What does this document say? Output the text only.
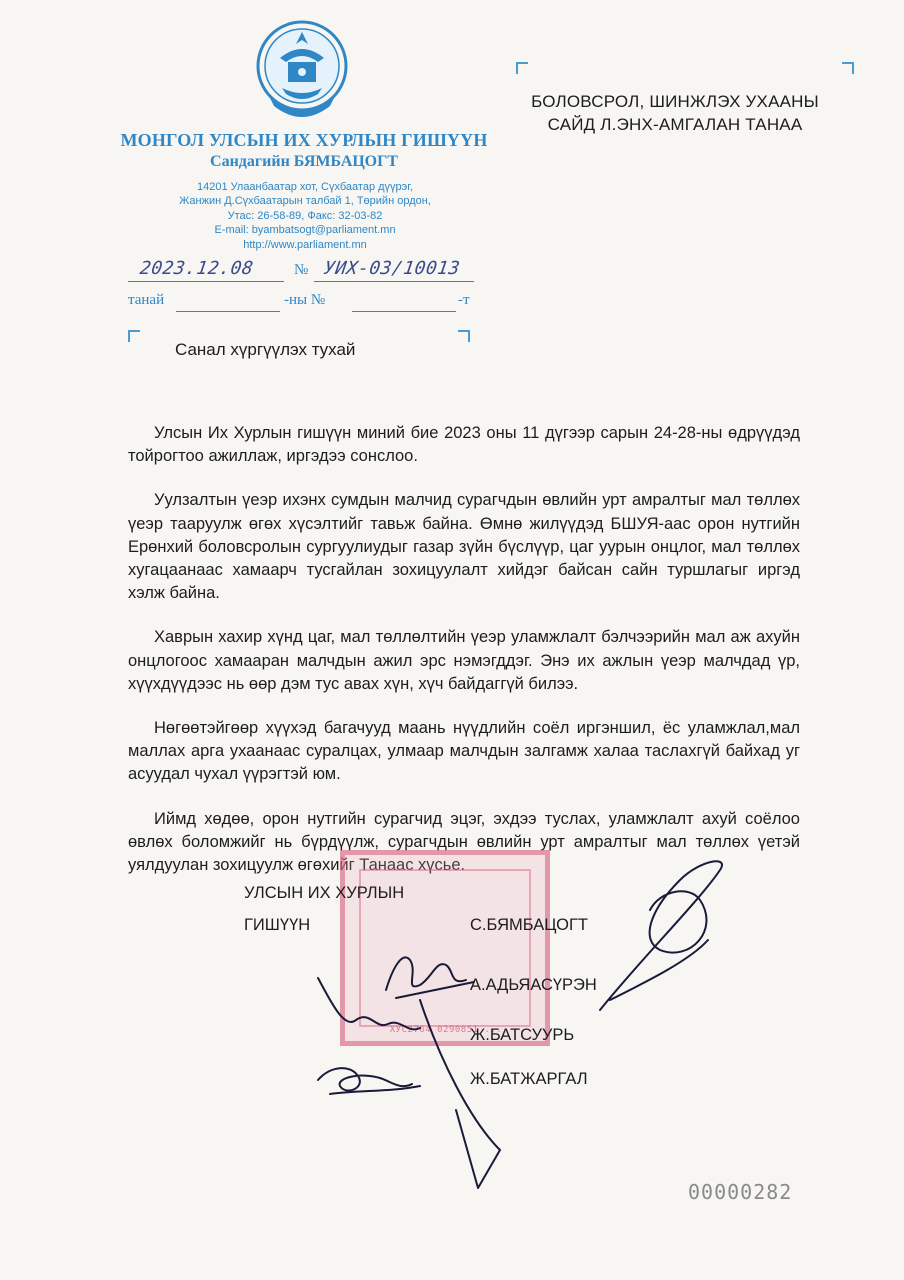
МОНГОЛ УЛСЫН ИХ ХУРЛЫН ГИШҮҮН
Сандагийн БЯМБАЦОГТ
14201 Улаанбаатар хот, Сүхбаатар дүүрэг,
Жанжин Д.Сүхбаатарын талбай 1, Төрийн ордон,
Утас: 26-58-89, Факс: 32-03-82
E-mail: byambatsogt@parliament.mn
http://www.parliament.mn
2023.12.08	№ УИХ-03/10013
танай	-ны №	-т
БОЛОВСРОЛ, ШИНЖЛЭХ УХААНЫ
САЙД Л.ЭНХ-АМГАЛАН ТАНАА
Санал хүргүүлэх тухай

Улсын Их Хурлын гишүүн миний бие 2023 оны 11 дүгээр сарын 24-28-ны өдрүүдэд тойрогтоо ажиллаж, иргэдээ сонслоо.

Уулзалтын үеэр ихэнх сумдын малчид сурагчдын өвлийн урт амралтыг мал төллөх үеэр тааруулж өгөх хүсэлтийг тавьж байна. Өмнө жилүүдэд БШУЯ-аас орон нутгийн Ерөнхий боловсролын сургуулиудыг газар зүйн бүслүүр, цаг уурын онцлог, мал төллөх хугацаанаас хамаарч тусгайлан зохицуулалт хийдэг байсан сайн туршлагыг иргэд хэлж байна.

Хаврын хахир хүнд цаг, мал төллөлтийн үеэр уламжлалт бэлчээрийн мал аж ахуйн онцлогоос хамааран малчдын ажил эрс нэмэгддэг. Энэ их ажлын үеэр малчдад үр, хүүхдүүдээс нь өөр дэм тус авах хүн, хүч байдаггүй билээ.

Нөгөөтэйгөөр хүүхэд багачууд маань нүүдлийн соёл иргэншил, ёс уламжлал,мал маллах арга ухаанаас суралцах, улмаар малчдын залгамж халаа таслахгүй байхад уг асуудал чухал үүрэгтэй юм.

Иймд хөдөө, орон нутгийн сурагчид эцэг, эхдээ туслах, уламжлалт ахуй соёлоо өвлөх боломжийг нь бүрдүүлж, сурагчдын өвлийн урт амралтыг мал төллөх үетэй уялдуулан зохицуулж өгөхийг Танаас хүсье.

ХУС2764 0290851 ...
УЛСЫН ИХ ХУРЛЫН
ГИШҮҮН	С.БЯМБАЦОГТ
А.АДЬЯАСҮРЭН
Ж.БАТСУУРЬ
Ж.БАТЖАРГАЛ
00000282
